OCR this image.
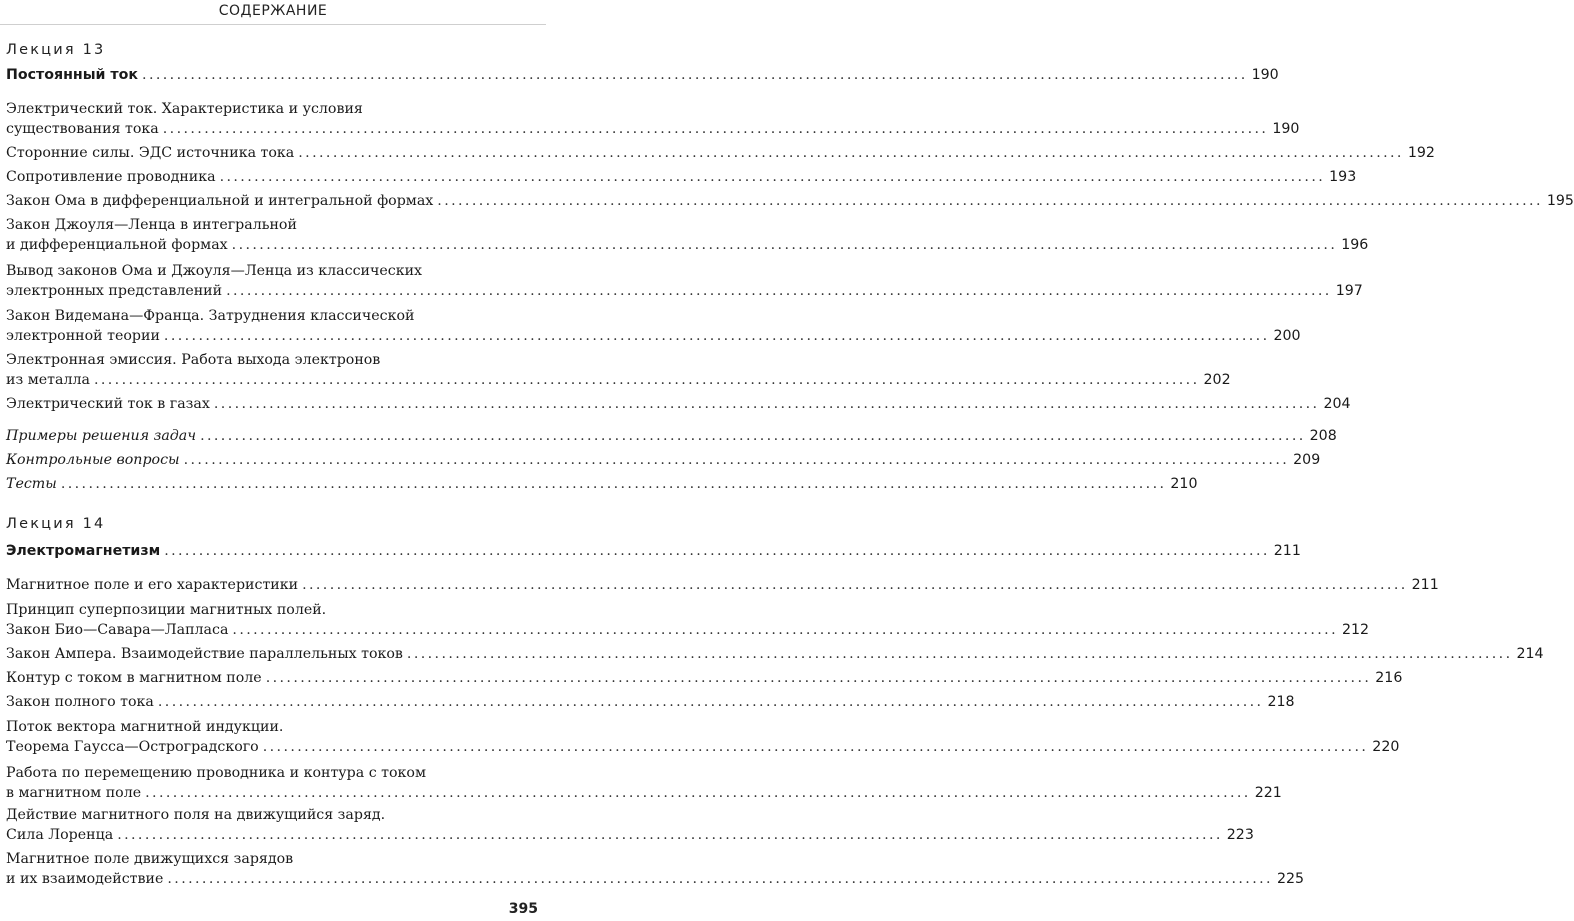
СОДЕРЖАНИЕ
Лекция 13
Постоянный ток ................................................................................................................................................................ 190
Электрический ток. Характеристика и условия
существования тока ................................................................................................................................................................ 190
Сторонние силы. ЭДС источника тока ................................................................................................................................................................ 192
Сопротивление проводника ................................................................................................................................................................ 193
Закон Ома в дифференциальной и интегральной формах ................................................................................................................................................................ 195
Закон Джоуля—Ленца в интегральной
и дифференциальной формах ................................................................................................................................................................ 196
Вывод законов Ома и Джоуля—Ленца из классических
электронных представлений ................................................................................................................................................................ 197
Закон Видемана—Франца. Затруднения классической
электронной теории ................................................................................................................................................................ 200
Электронная эмиссия. Работа выхода электронов
из металла ................................................................................................................................................................ 202
Электрический ток в газах ................................................................................................................................................................ 204
Примеры решения задач ................................................................................................................................................................ 208
Контрольные вопросы ................................................................................................................................................................ 209
Тесты ................................................................................................................................................................ 210
Лекция 14
Электромагнетизм ................................................................................................................................................................ 211
Магнитное поле и его характеристики ................................................................................................................................................................ 211
Принцип суперпозиции магнитных полей.
Закон Био—Савара—Лапласа ................................................................................................................................................................ 212
Закон Ампера. Взаимодействие параллельных токов ................................................................................................................................................................ 214
Контур с током в магнитном поле ................................................................................................................................................................ 216
Закон полного тока ................................................................................................................................................................ 218
Поток вектора магнитной индукции.
Теорема Гаусса—Остроградского ................................................................................................................................................................ 220
Работа по перемещению проводника и контура с током
в магнитном поле ................................................................................................................................................................ 221
Действие магнитного поля на движущийся заряд.
Сила Лоренца ................................................................................................................................................................ 223
Магнитное поле движущихся зарядов
и их взаимодействие ................................................................................................................................................................ 225
395
